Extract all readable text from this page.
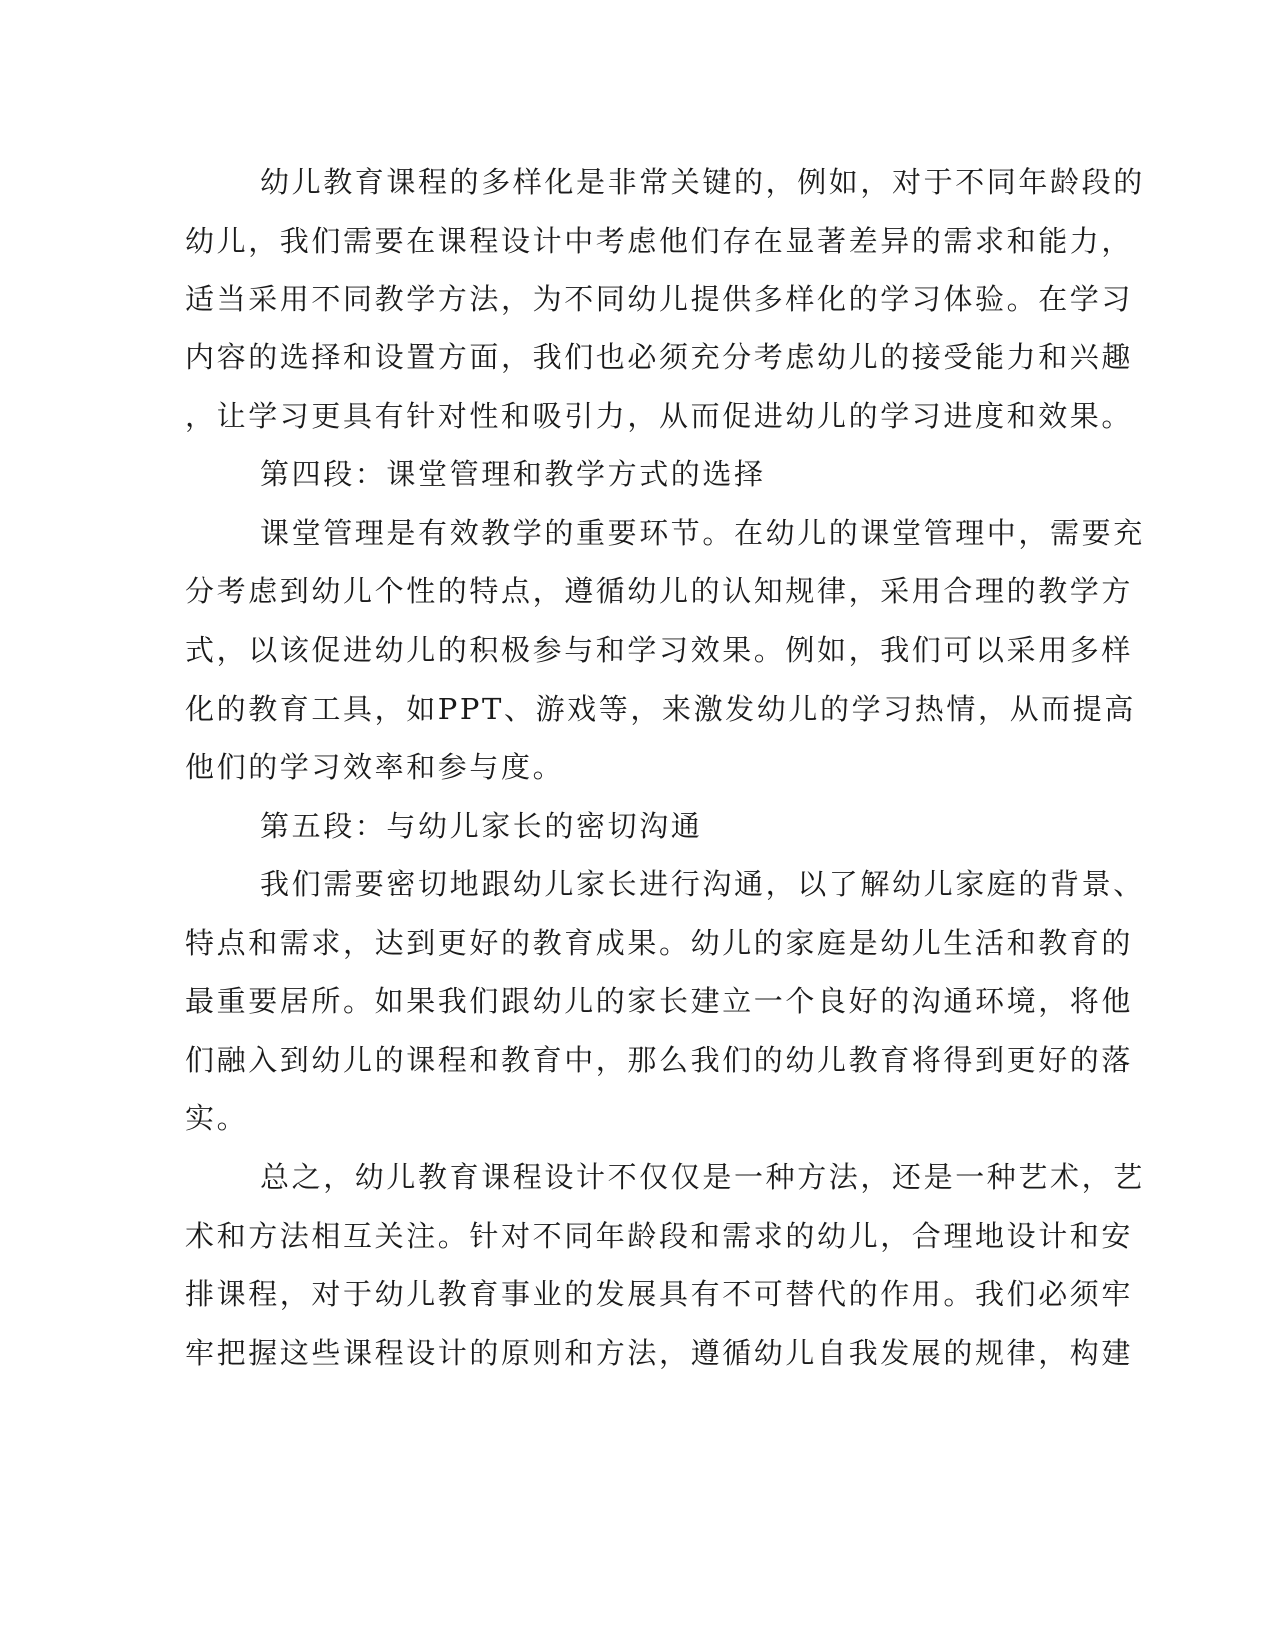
幼儿教育课程的多样化是非常关键的，例如，对于不同年龄段的
幼儿，我们需要在课程设计中考虑他们存在显著差异的需求和能力，
适当采用不同教学方法，为不同幼儿提供多样化的学习体验。在学习
内容的选择和设置方面，我们也必须充分考虑幼儿的接受能力和兴趣
，让学习更具有针对性和吸引力，从而促进幼儿的学习进度和效果。
第四段：课堂管理和教学方式的选择
课堂管理是有效教学的重要环节。在幼儿的课堂管理中，需要充
分考虑到幼儿个性的特点，遵循幼儿的认知规律，采用合理的教学方
式，以该促进幼儿的积极参与和学习效果。例如，我们可以采用多样
化的教育工具，如PPT、游戏等，来激发幼儿的学习热情，从而提高
他们的学习效率和参与度。
第五段：与幼儿家长的密切沟通
我们需要密切地跟幼儿家长进行沟通，以了解幼儿家庭的背景、
特点和需求，达到更好的教育成果。幼儿的家庭是幼儿生活和教育的
最重要居所。如果我们跟幼儿的家长建立一个良好的沟通环境，将他
们融入到幼儿的课程和教育中，那么我们的幼儿教育将得到更好的落
实。
总之，幼儿教育课程设计不仅仅是一种方法，还是一种艺术，艺
术和方法相互关注。针对不同年龄段和需求的幼儿，合理地设计和安
排课程，对于幼儿教育事业的发展具有不可替代的作用。我们必须牢
牢把握这些课程设计的原则和方法，遵循幼儿自我发展的规律，构建
